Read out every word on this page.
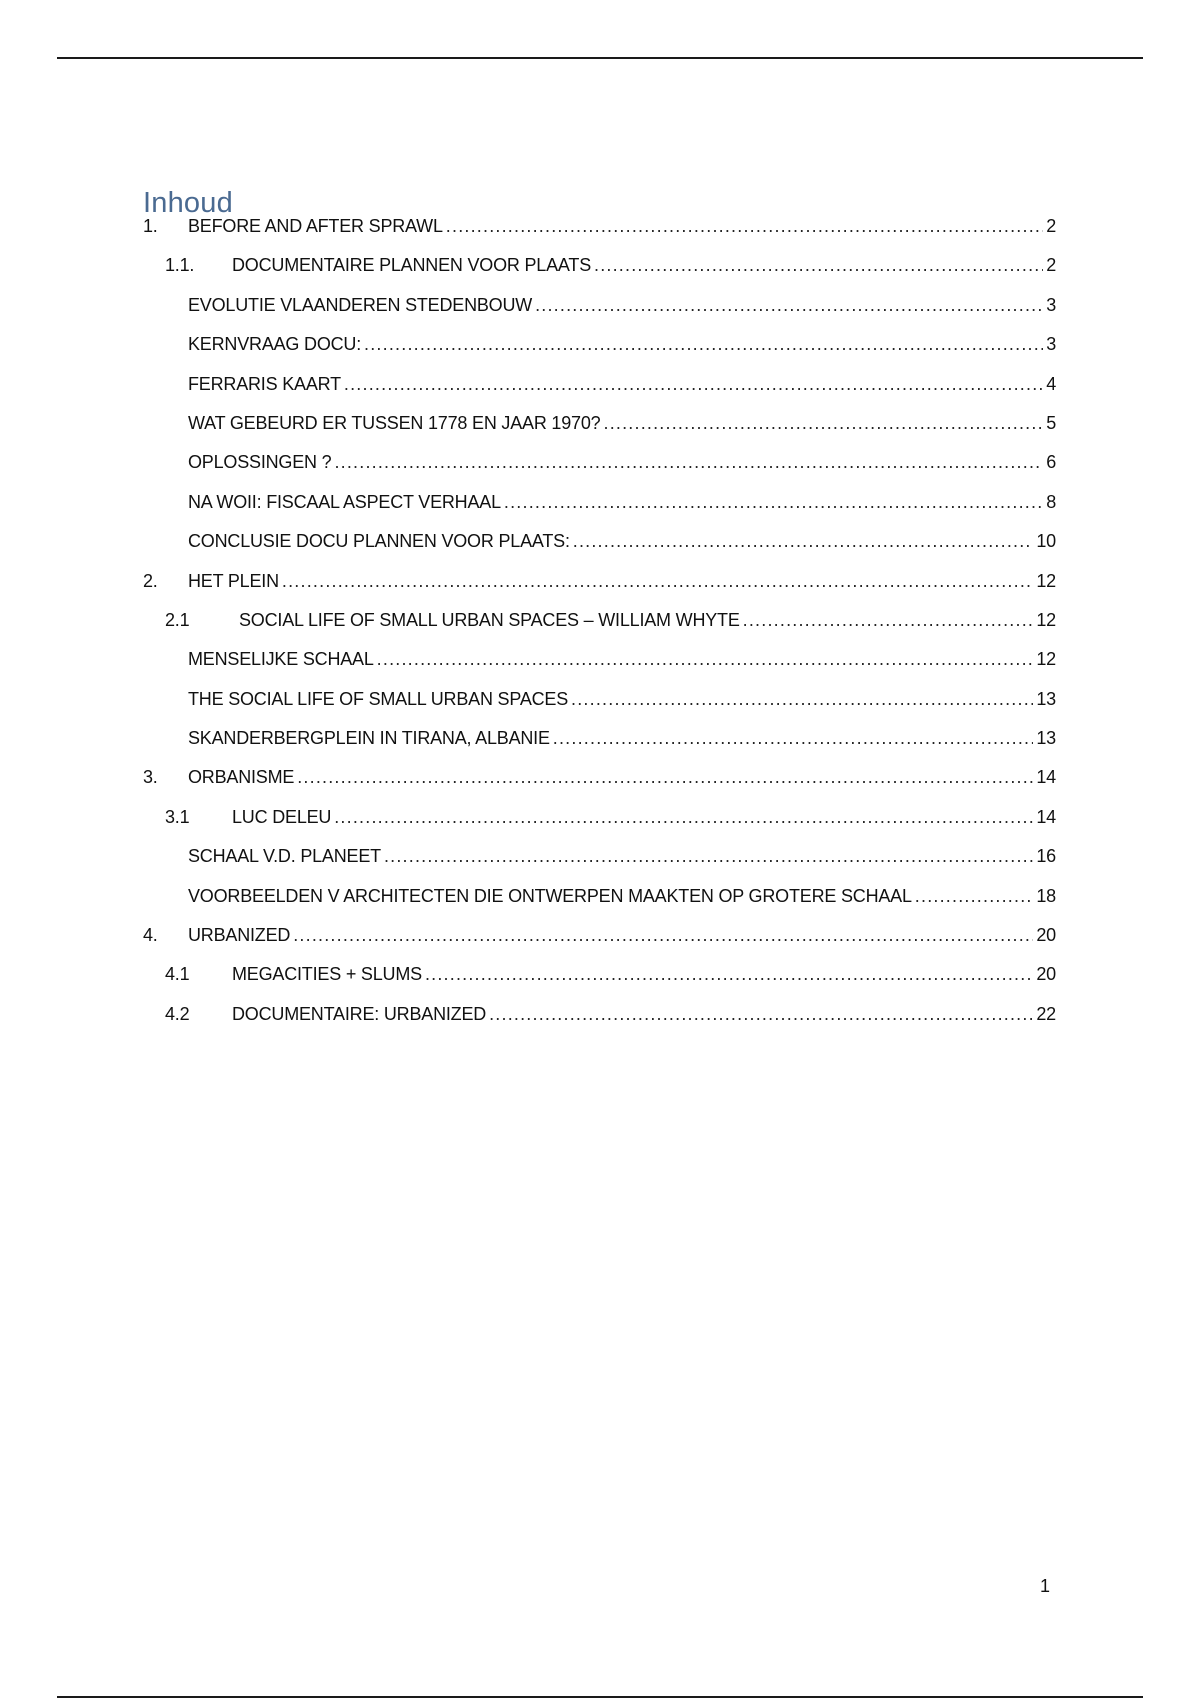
Inhoud
1.	BEFORE AND AFTER SPRAWL .....	2
1.1.	DOCUMENTAIRE PLANNEN VOOR PLAATS .....	2
EVOLUTIE VLAANDEREN STEDENBOUW .....	3
KERNVRAAG DOCU: .....	3
FERRARIS KAART .....	4
WAT GEBEURD ER TUSSEN 1778 EN JAAR 1970? .....	5
OPLOSSINGEN ? .....	6
NA WOII: FISCAAL ASPECT VERHAAL .....	8
CONCLUSIE DOCU PLANNEN VOOR PLAATS: .....	10
2.	HET PLEIN .....	12
2.1	SOCIAL LIFE OF SMALL URBAN SPACES – WILLIAM WHYTE .....	12
MENSELIJKE SCHAAL .....	12
THE SOCIAL LIFE OF SMALL URBAN SPACES .....	13
SKANDERBERGPLEIN IN TIRANA, ALBANIE .....	13
3.	ORBANISME .....	14
3.1	LUC DELEU .....	14
SCHAAL V.D. PLANEET .....	16
VOORBEELDEN V ARCHITECTEN DIE ONTWERPEN MAAKTEN OP GROTERE SCHAAL .....	18
4.	URBANIZED .....	20
4.1	MEGACITIES + SLUMS .....	20
4.2	DOCUMENTAIRE: URBANIZED .....	22
1
